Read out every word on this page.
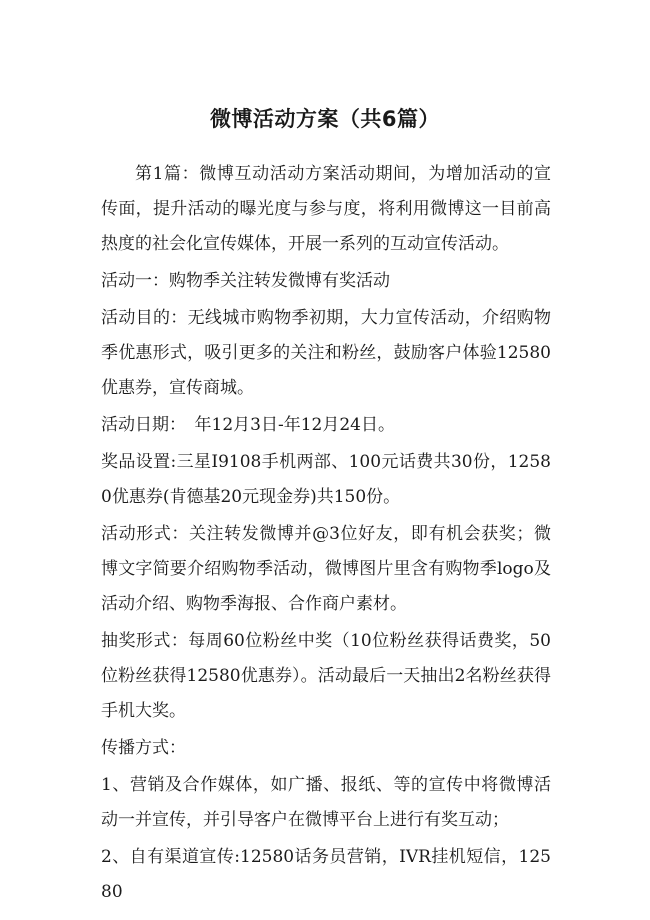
微博活动方案（共6篇）

第1篇：微博互动活动方案活动期间，为增加活动的宣传面，提升活动的曝光度与参与度，将利用微博这一目前高热度的社会化宣传媒体，开展一系列的互动宣传活动。

活动一：购物季关注转发微博有奖活动

活动目的：无线城市购物季初期，大力宣传活动，介绍购物季优惠形式，吸引更多的关注和粉丝，鼓励客户体验12580优惠券，宣传商城。

活动日期：　年12月3日-年12月24日。

奖品设置:三星I9108手机两部、100元话费共30份，12580优惠券(肯德基20元现金券)共150份。

活动形式：关注转发微博并@3位好友，即有机会获奖；微博文字简要介绍购物季活动，微博图片里含有购物季logo及活动介绍、购物季海报、合作商户素材。

抽奖形式：每周60位粉丝中奖（10位粉丝获得话费奖，50位粉丝获得12580优惠券）。活动最后一天抽出2名粉丝获得手机大奖。

传播方式：

1、营销及合作媒体，如广播、报纸、等的宣传中将微博活动一并宣传，并引导客户在微博平台上进行有奖互动；

2、自有渠道宣传:12580话务员营销，IVR挂机短信，12580
